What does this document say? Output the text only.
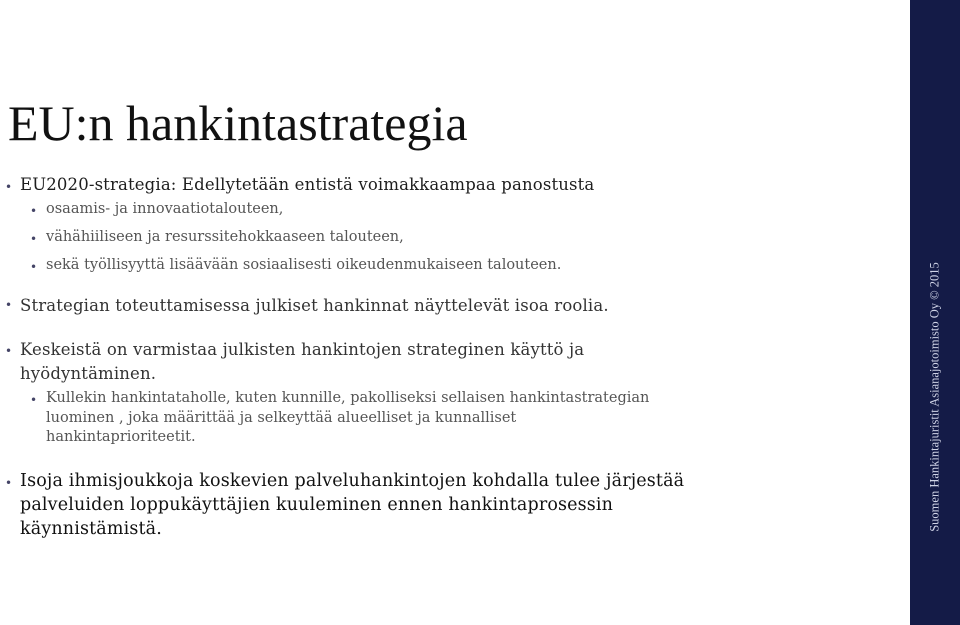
EU:n hankintastrategia
• EU2020-strategia: Edellytetään entistä voimakkaampaa panostusta
• osaamis- ja innovaatiotalouteen,
• vähähiiliseen ja resurssitehokkaaseen talouteen,
• sekä työllisyyttä lisäävään sosiaalisesti oikeudenmukaiseen talouteen.
• Strategian toteuttamisessa julkiset hankinnat näyttelevät isoa roolia.
• Keskeistä on varmistaa julkisten hankintojen strateginen käyttö ja
hyödyntäminen.
• Kullekin hankintataholle, kuten kunnille, pakolliseksi sellaisen hankintastrategian
luominen , joka määrittää ja selkeyttää alueelliset ja kunnalliset
hankintaprioriteetit.
• Isoja ihmisjoukkoja koskevien palveluhankintojen kohdalla tulee järjestää
palveluiden loppukäyttäjien kuuleminen ennen hankintaprosessin
käynnistämistä.	Suomen Hankintajuristit Asianajotoimisto Oy © 2015
